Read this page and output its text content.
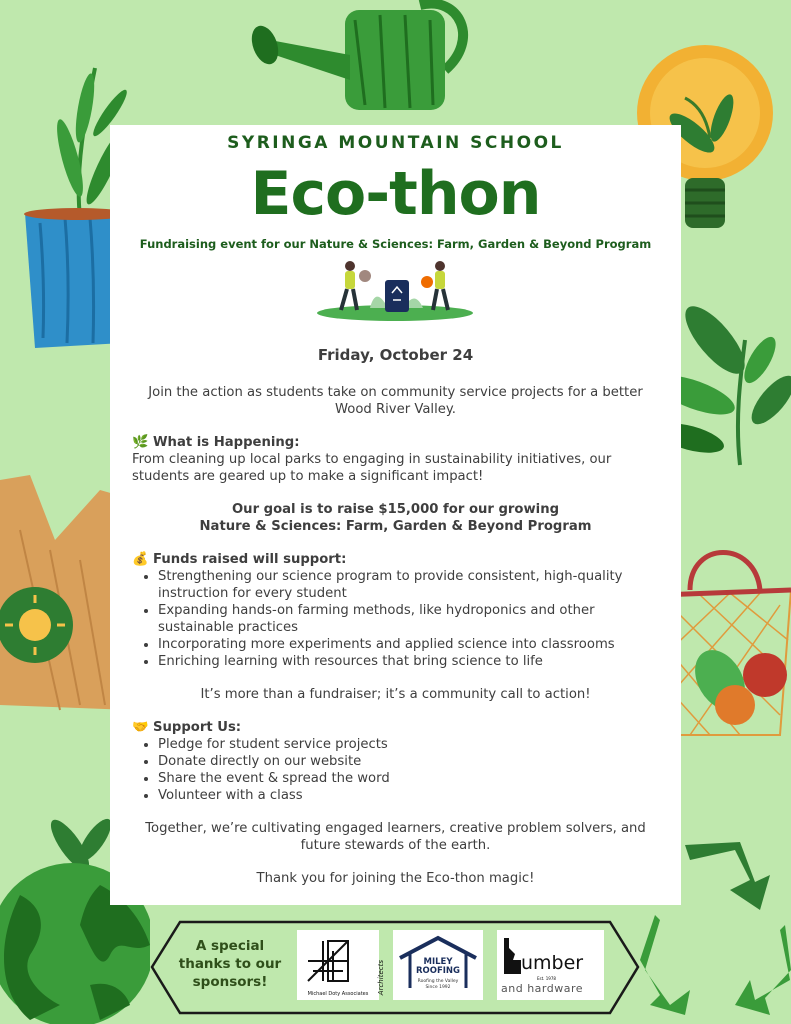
SYRINGA MOUNTAIN SCHOOL
Eco-thon
Fundraising event for our Nature & Sciences: Farm, Garden & Beyond Program
Friday, October 24
Join the action as students take on community service projects for a better Wood River Valley.
🌿 What is Happening:
From cleaning up local parks to engaging in sustainability initiatives, our students are geared up to make a significant impact!
Our goal is to raise $15,000 for our growing
Nature & Sciences: Farm, Garden & Beyond Program
💰 Funds raised will support:
• Strengthening our science program to provide consistent, high-quality instruction for every student
• Expanding hands-on farming methods, like hydroponics and other sustainable practices
• Incorporating more experiments and applied science into classrooms
• Enriching learning with resources that bring science to life
It’s more than a fundraiser; it’s a community call to action!
🤝 Support Us:
• Pledge for student service projects
• Donate directly on our website
• Share the event & spread the word
• Volunteer with a class
Together, we’re cultivating engaged learners, creative problem solvers, and future stewards of the earth.
Thank you for joining the Eco-thon magic!
A special thanks to our sponsors!	Architects
Michael Doty Associates
MILEY
ROOFING
Roofing the Valley
Since 1992
umber
Est. 1978
and hardware
